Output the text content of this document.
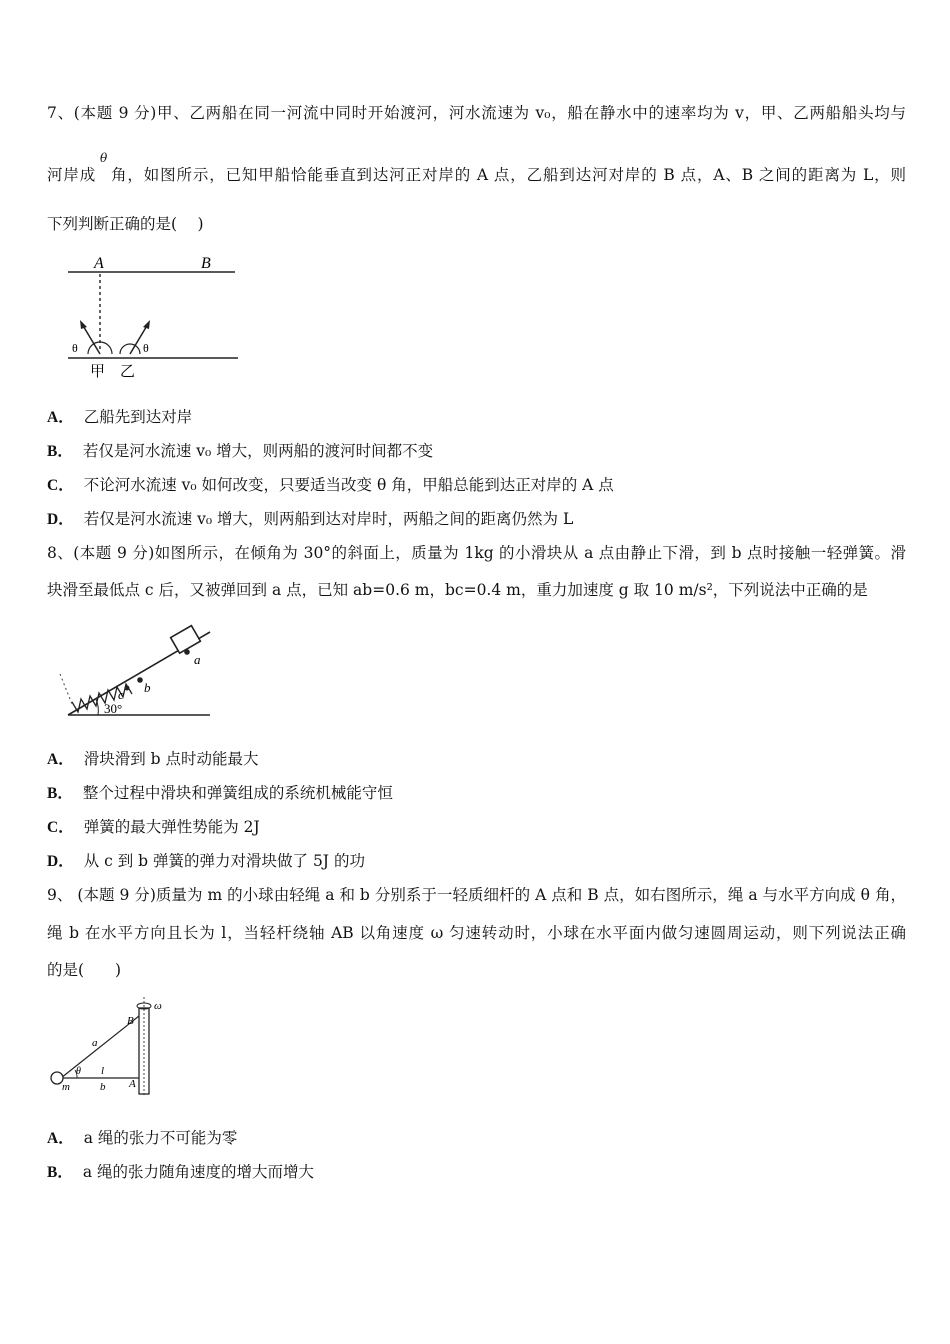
7、(本题 9 分)甲、乙两船在同一河流中同时开始渡河，河水流速为 v₀，船在静水中的速率均为 v，甲、乙两船船头均与
θ
河岸成 角，如图所示，已知甲船恰能垂直到达河正对岸的 A 点，乙船到达河对岸的 B 点，A、B 之间的距离为 L，则
下列判断正确的是(　 )
A	B
θ	θ
甲 乙
A． 乙船先到达对岸
B． 若仅是河水流速 v₀ 增大，则两船的渡河时间都不变
C． 不论河水流速 v₀ 如何改变，只要适当改变 θ 角，甲船总能到达正对岸的 A 点
D． 若仅是河水流速 v₀ 增大，则两船到达对岸时，两船之间的距离仍然为 L
8、(本题 9 分)如图所示，在倾角为 30°的斜面上，质量为 1kg 的小滑块从 a 点由静止下滑，到 b 点时接触一轻弹簧。滑
块滑至最低点 c 后，又被弹回到 a 点，已知 ab=0.6 m，bc=0.4 m，重力加速度 g 取 10 m/s²，下列说法中正确的是
a
b
c
30°
A． 滑块滑到 b 点时动能最大
B． 整个过程中滑块和弹簧组成的系统机械能守恒
C． 弹簧的最大弹性势能为 2J
D． 从 c 到 b 弹簧的弹力对滑块做了 5J 的功
9、 (本题 9 分)质量为 m 的小球由轻绳 a 和 b 分别系于一轻质细杆的 A 点和 B 点，如右图所示，绳 a 与水平方向成 θ 角，
绳 b 在水平方向且长为 l，当轻杆绕轴 AB 以角速度 ω 匀速转动时，小球在水平面内做匀速圆周运动，则下列说法正确
的是(　　)
ω
B
A
a
l
b
m
θ
A． a 绳的张力不可能为零
B． a 绳的张力随角速度的增大而增大
